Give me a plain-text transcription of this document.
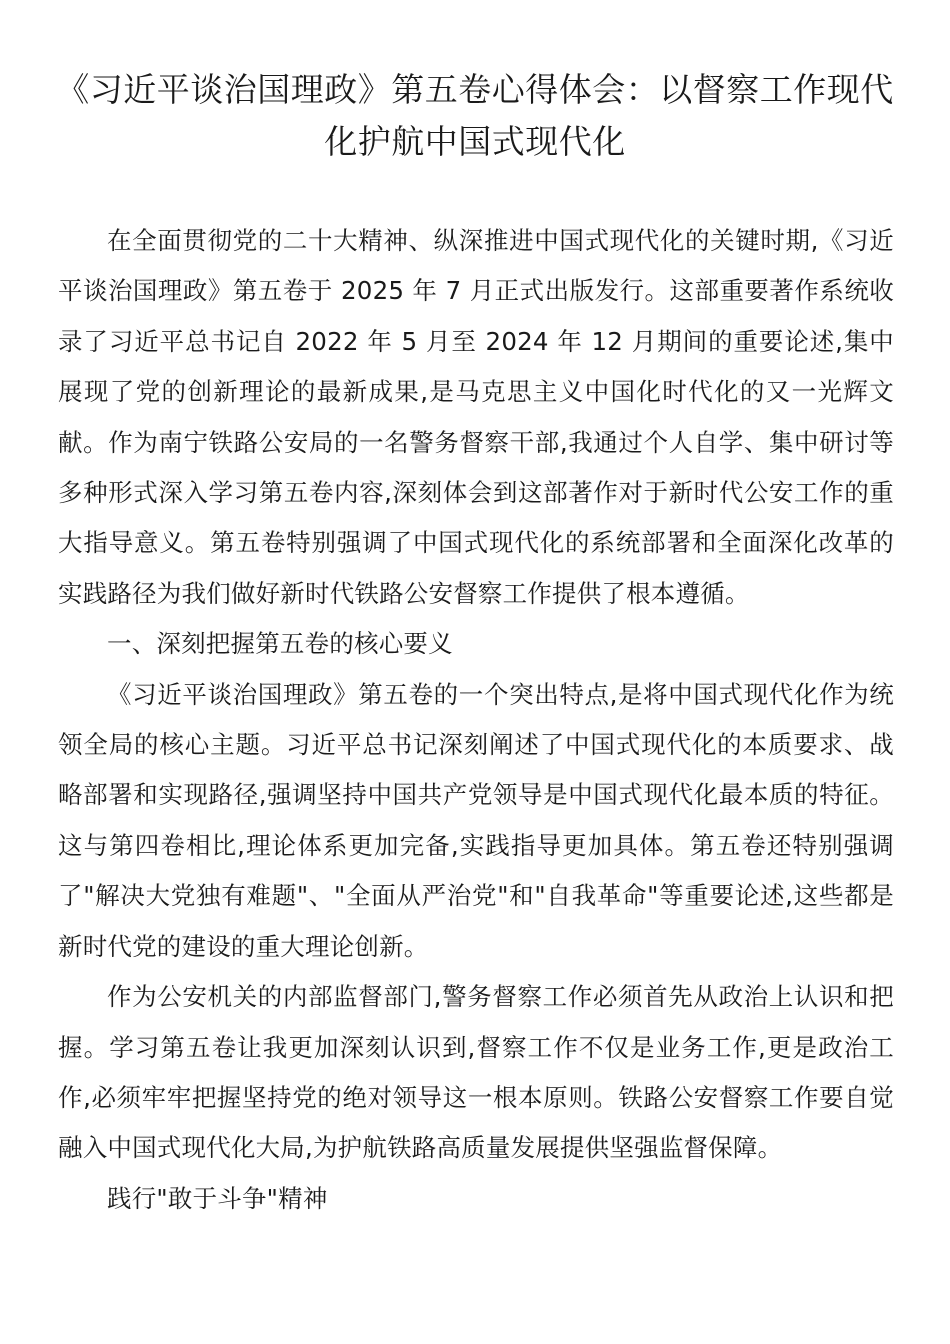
《习近平谈治国理政》第五卷心得体会：以督察工作现代化护航中国式现代化

在全面贯彻党的二十大精神、纵深推进中国式现代化的关键时期,《习近平谈治国理政》第五卷于 2025 年 7 月正式出版发行。这部重要著作系统收录了习近平总书记自 2022 年 5 月至 2024 年 12 月期间的重要论述,集中展现了党的创新理论的最新成果,是马克思主义中国化时代化的又一光辉文献。作为南宁铁路公安局的一名警务督察干部,我通过个人自学、集中研讨等多种形式深入学习第五卷内容,深刻体会到这部著作对于新时代公安工作的重大指导意义。第五卷特别强调了中国式现代化的系统部署和全面深化改革的实践路径为我们做好新时代铁路公安督察工作提供了根本遵循。

一、深刻把握第五卷的核心要义

《习近平谈治国理政》第五卷的一个突出特点,是将中国式现代化作为统领全局的核心主题。习近平总书记深刻阐述了中国式现代化的本质要求、战略部署和实现路径,强调坚持中国共产党领导是中国式现代化最本质的特征。这与第四卷相比,理论体系更加完备,实践指导更加具体。第五卷还特别强调了"解决大党独有难题"、"全面从严治党"和"自我革命"等重要论述,这些都是新时代党的建设的重大理论创新。

作为公安机关的内部监督部门,警务督察工作必须首先从政治上认识和把握。学习第五卷让我更加深刻认识到,督察工作不仅是业务工作,更是政治工作,必须牢牢把握坚持党的绝对领导这一根本原则。铁路公安督察工作要自觉融入中国式现代化大局,为护航铁路高质量发展提供坚强监督保障。

践行"敢于斗争"精神
